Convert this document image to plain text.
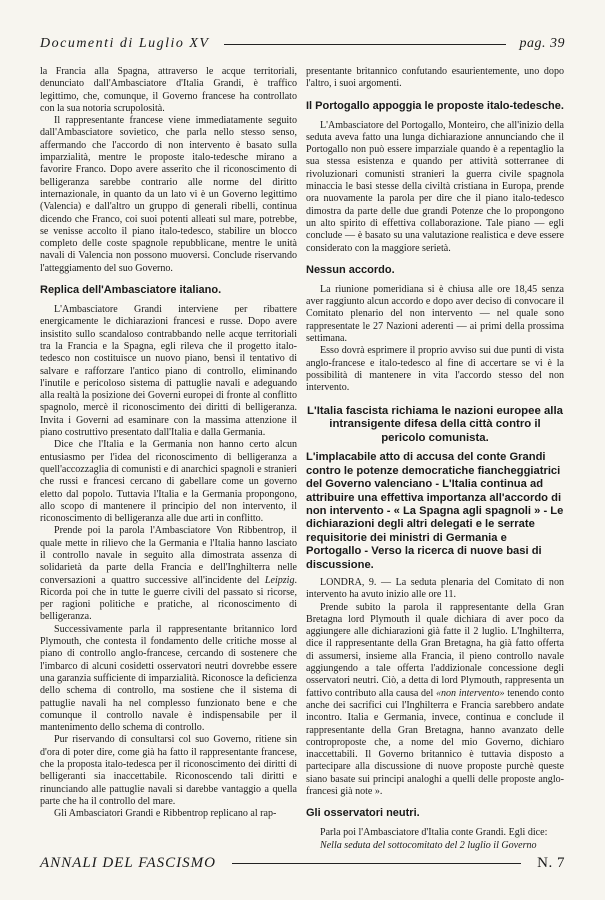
Documenti di Luglio XV	pag. 39

la Francia alla Spagna, attraverso le acque territoriali, denunciato dall'Ambasciatore d'Italia Grandi, è traffico legittimo, che, comunque, il Governo francese ha controllato con la sua notoria scrupolosità.

Il rappresentante francese viene immediatamente seguito dall'Ambasciatore sovietico, che parla nello stesso senso, affermando che l'accordo di non intervento è basato sulla imparzialità, mentre le proposte italo-tedesche mirano a favorire Franco. Dopo avere asserito che il riconoscimento di belligeranza sarebbe contrario alle norme del diritto internazionale, in quanto da un lato vi è un Governo legittimo (Valencia) e dall'altro un gruppo di generali ribelli, continua dicendo che Franco, coi suoi potenti alleati sul mare, potrebbe, se venisse accolto il piano italo-tedesco, stabilire un blocco completo delle coste spagnole repubblicane, mentre le unità navali di Valencia non possono muoversi. Conclude riservando l'atteggiamento del suo Governo.

Replica dell'Ambasciatore italiano.

L'Ambasciatore Grandi interviene per ribattere energicamente le dichiarazioni francesi e russe. Dopo avere insistito sullo scandaloso contrabbando nelle acque territoriali tra la Francia e la Spagna, egli rileva che il progetto italo-tedesco non costituisce un nuovo piano, bensì il tentativo di salvare e rafforzare l'antico piano di controllo, eliminando l'inutile e pericoloso sistema di pattuglie navali e adeguando alla realtà la posizione dei Governi europei di fronte al conflitto spagnolo, mercè il riconoscimento dei diritti di belligeranza. Invita i Governi ad esaminare con la massima attenzione il piano costruttivo presentato dall'Italia e dalla Germania.

Dice che l'Italia e la Germania non hanno certo alcun entusiasmo per l'idea del riconoscimento di belligeranza a quell'accozzaglia di comunisti e di anarchici spagnoli e stranieri che russi e francesi cercano di gabellare come un governo eletto dal popolo. Tuttavia l'Italia e la Germania propongono, allo scopo di mantenere il principio del non intervento, il riconoscimento di belligeranza alle due arti in conflitto.

Prende poi la parola l'Ambasciatore Von Ribbentrop, il quale mette in rilievo che la Germania e l'Italia hanno lasciato il controllo navale in seguito alla dimostrata assenza di solidarietà da parte della Francia e dell'Inghilterra nelle conversazioni a quattro successive all'incidente del Leipzig. Ricorda poi che in tutte le guerre civili del passato si ricorse, per ragioni politiche e pratiche, al riconoscimento di belligeranza.

Successivamente parla il rappresentante britannico lord Plymouth, che contesta il fondamento delle critiche mosse al piano di controllo anglo-francese, cercando di sostenere che l'imbarco di alcuni cosidetti osservatori neutri dovrebbe essere una garanzia sufficiente di imparzialità. Riconosce la deficienza dello schema di controllo, ma sostiene che il sistema di pattuglie navali ha nel complesso funzionato bene e che comunque il controllo navale è indispensabile per il mantenimento dello schema di controllo.

Pur riservando di consultarsi col suo Governo, ritiene sin d'ora di poter dire, come già ha fatto il rappresentante francese, che la proposta italo-tedesca per il riconoscimento dei diritti di belligeranti sia inaccettabile. Riconoscendo tali diritti e rinunciando alle pattuglie navali si darebbe vantaggio a quella parte che ha il controllo del mare.

Gli Ambasciatori Grandi e Ribbentrop replicano al rap-

presentante britannico confutando esaurientemente, uno dopo l'altro, i suoi argomenti.

Il Portogallo appoggia le proposte italo-tedesche.

L'Ambasciatore del Portogallo, Monteiro, che all'inizio della seduta aveva fatto una lunga dichiarazione annunciando che il Portogallo non può essere imparziale quando è a repentaglio la sua stessa esistenza e quando per attività sotterranee di rivoluzionari comunisti stranieri la guerra civile spagnola minaccia le basi stesse della civiltà cristiana in Europa, prende ora nuovamente la parola per dire che il piano italo-tedesco dimostra da parte delle due grandi Potenze che lo propongono un alto spirito di effettiva collaborazione. Tale piano — egli conclude — è basato su una valutazione realistica e deve essere considerato con la maggiore serietà.

Nessun accordo.

La riunione pomeridiana si è chiusa alle ore 18,45 senza aver raggiunto alcun accordo e dopo aver deciso di convocare il Comitato plenario del non intervento — nel quale sono rappresentate le 27 Nazioni aderenti — ai primi della prossima settimana.

Esso dovrà esprimere il proprio avviso sui due punti di vista anglo-francese e italo-tedesco al fine di accertare se vi è la possibilità di mantenere in vita l'accordo stesso del non intervento.

L'Italia fascista richiama le nazioni europee alla intransigente difesa della città contro il pericolo comunista.
L'implacabile atto di accusa del conte Grandi contro le potenze democratiche fiancheggiatrici del Governo valenciano - L'Italia continua ad attribuire una effettiva importanza all'accordo di non intervento - « La Spagna agli spagnoli » - Le dichiarazioni degli altri delegati e le serrate requisitorie dei ministri di Germania e Portogallo - Verso la ricerca di nuove basi di discussione.

LONDRA, 9. — La seduta plenaria del Comitato di non intervento ha avuto inizio alle ore 11.

Prende subito la parola il rappresentante della Gran Bretagna lord Plymouth il quale dichiara di aver poco da aggiungere alle dichiarazioni già fatte il 2 luglio. L'Inghilterra, dice il rappresentante della Gran Bretagna, ha già fatto offerta di assumersi, insieme alla Francia, il pieno controllo navale aggiungendo a tale offerta l'addizionale concessione degli osservatori neutri. Ciò, a detta di lord Plymouth, rappresenta un fattivo contributo alla causa del «non intervento» tenendo conto anche dei sacrifici cui l'Inghilterra e Francia sarebbero andate incontro. Italia e Germania, invece, continua e conclude il rappresentante della Gran Bretagna, hanno avanzato delle controproposte che, a nome del mio Governo, dichiaro inaccettabili. Il Governo britannico è tuttavia disposto a partecipare alla discussione di nuove proposte purchè queste siano basate sui principi analoghi a quelli delle proposte anglo-francesi già note ».

Gli osservatori neutri.

Parla poi l'Ambasciatore d'Italia conte Grandi. Egli dice:

Nella seduta del sottocomitato del 2 luglio il Governo

ANNALI DEL FASCISMO	N. 7
